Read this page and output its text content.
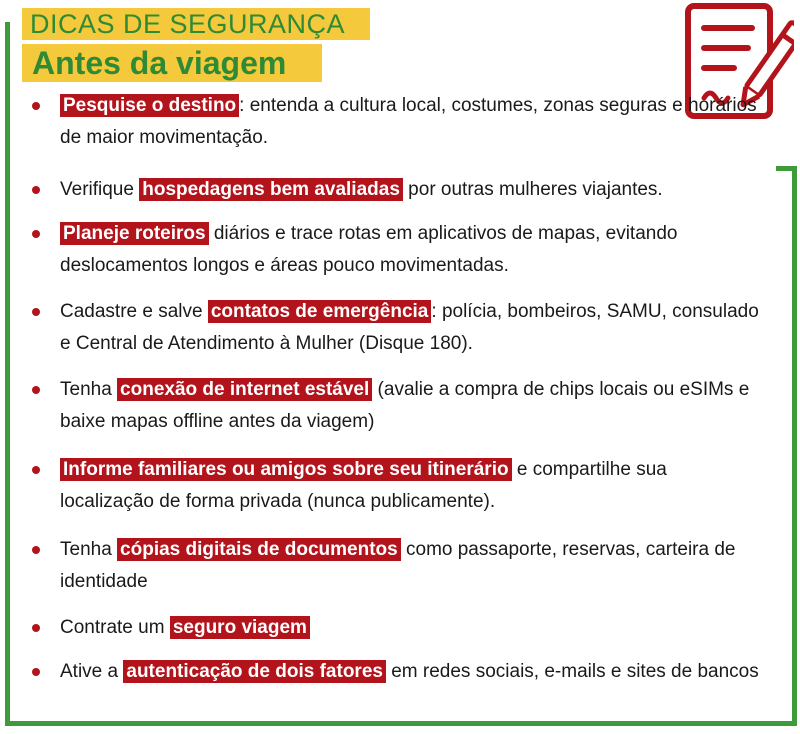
DICAS DE SEGURANÇA
Antes da viagem
Pesquise o destino : entenda a cultura local, costumes, zonas seguras e horários de maior movimentação.
Verifique hospedagens bem avaliadas por outras mulheres viajantes.
Planeje roteiros diários e trace rotas em aplicativos de mapas, evitando deslocamentos longos e áreas pouco movimentadas.
Cadastre e salve contatos de emergência : polícia, bombeiros, SAMU, consulado e Central de Atendimento à Mulher (Disque 180).
Tenha conexão de internet estável (avalie a compra de chips locais ou eSIMs e baixe mapas offline antes da viagem)
Informe familiares ou amigos sobre seu itinerário e compartilhe sua localização de forma privada (nunca publicamente).
Tenha cópias digitais de documentos como passaporte, reservas, carteira de identidade
Contrate um seguro viagem
Ative a autenticação de dois fatores em redes sociais, e-mails e sites de bancos
